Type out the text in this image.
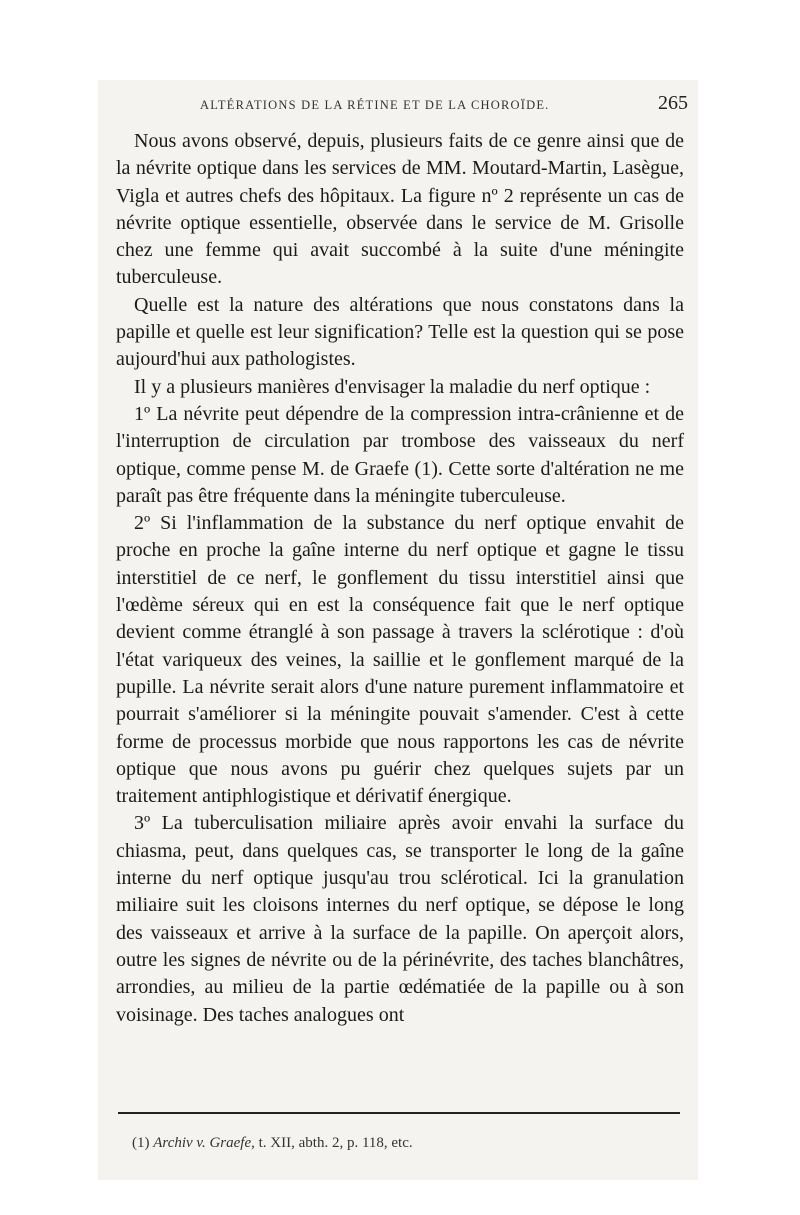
ALTÉRATIONS DE LA RÉTINE ET DE LA CHOROÏDE.	265

Nous avons observé, depuis, plusieurs faits de ce genre ainsi que de la névrite optique dans les services de MM. Moutard-Martin, Lasègue, Vigla et autres chefs des hôpitaux. La figure nº 2 représente un cas de névrite optique essentielle, observée dans le service de M. Grisolle chez une femme qui avait succombé à la suite d'une méningite tuberculeuse.

Quelle est la nature des altérations que nous constatons dans la papille et quelle est leur signification? Telle est la question qui se pose aujourd'hui aux pathologistes.

Il y a plusieurs manières d'envisager la maladie du nerf optique :

1º La névrite peut dépendre de la compression intra-crânienne et de l'interruption de circulation par trombose des vaisseaux du nerf optique, comme pense M. de Graefe (1). Cette sorte d'altération ne me paraît pas être fréquente dans la méningite tuberculeuse.

2º Si l'inflammation de la substance du nerf optique envahit de proche en proche la gaîne interne du nerf optique et gagne le tissu interstitiel de ce nerf, le gonflement du tissu interstitiel ainsi que l'œdème séreux qui en est la conséquence fait que le nerf optique devient comme étranglé à son passage à travers la sclérotique : d'où l'état variqueux des veines, la saillie et le gonflement marqué de la pupille. La névrite serait alors d'une nature purement inflammatoire et pourrait s'améliorer si la méningite pouvait s'amender. C'est à cette forme de processus morbide que nous rapportons les cas de névrite optique que nous avons pu guérir chez quelques sujets par un traitement antiphlogistique et dérivatif énergique.

3º La tuberculisation miliaire après avoir envahi la surface du chiasma, peut, dans quelques cas, se transporter le long de la gaîne interne du nerf optique jusqu'au trou sclérotical. Ici la granulation miliaire suit les cloisons internes du nerf optique, se dépose le long des vaisseaux et arrive à la surface de la papille. On aperçoit alors, outre les signes de névrite ou de la périnévrite, des taches blanchâtres, arrondies, au milieu de la partie œdématiée de la papille ou à son voisinage. Des taches analogues ont

(1) Archiv v. Graefe, t. XII, abth. 2, p. 118, etc.
